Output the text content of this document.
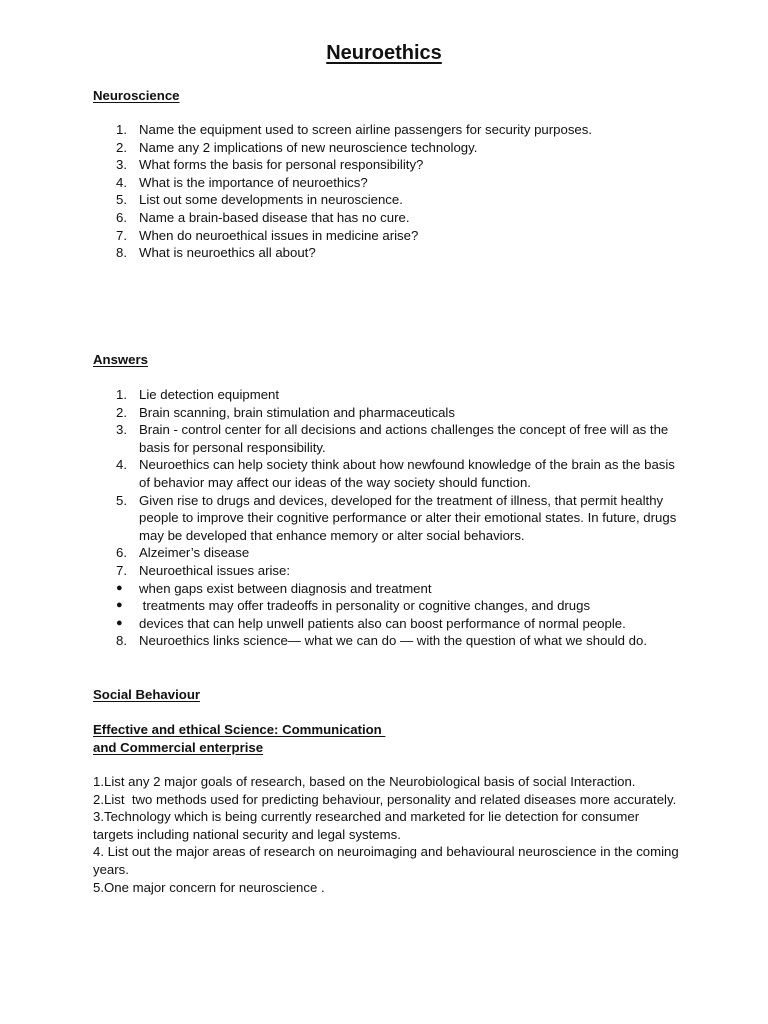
Neuroethics
Neuroscience
1. Name the equipment used to screen airline passengers for security purposes.
2. Name any 2 implications of new neuroscience technology.
3. What forms the basis for personal responsibility?
4. What is the importance of neuroethics?
5. List out some developments in neuroscience.
6. Name a brain-based disease that has no cure.
7. When do neuroethical issues in medicine arise?
8. What is neuroethics all about?
Answers
1. Lie detection equipment
2. Brain scanning, brain stimulation and pharmaceuticals
3. Brain - control center for all decisions and actions challenges the concept of free will as the basis for personal responsibility.
4. Neuroethics can help society think about how newfound knowledge of the brain as the basis of behavior may affect our ideas of the way society should function.
5. Given rise to drugs and devices, developed for the treatment of illness, that permit healthy people to improve their cognitive performance or alter their emotional states. In future, drugs may be developed that enhance memory or alter social behaviors.
6. Alzeimer’s disease
7. Neuroethical issues arise:
● when gaps exist between diagnosis and treatment
● treatments may offer tradeoffs in personality or cognitive changes, and drugs
● devices that can help unwell patients also can boost performance of normal people.
8. Neuroethics links science— what we can do — with the question of what we should do.
Social Behaviour
Effective and ethical Science: Communication
and Commercial enterprise

1.List any 2 major goals of research, based on the Neurobiological basis of social Interaction.

2.List  two methods used for predicting behaviour, personality and related diseases more accurately.

3.Technology which is being currently researched and marketed for lie detection for consumer targets including national security and legal systems.

4. List out the major areas of research on neuroimaging and behavioural neuroscience in the coming years.

5.One major concern for neuroscience .
